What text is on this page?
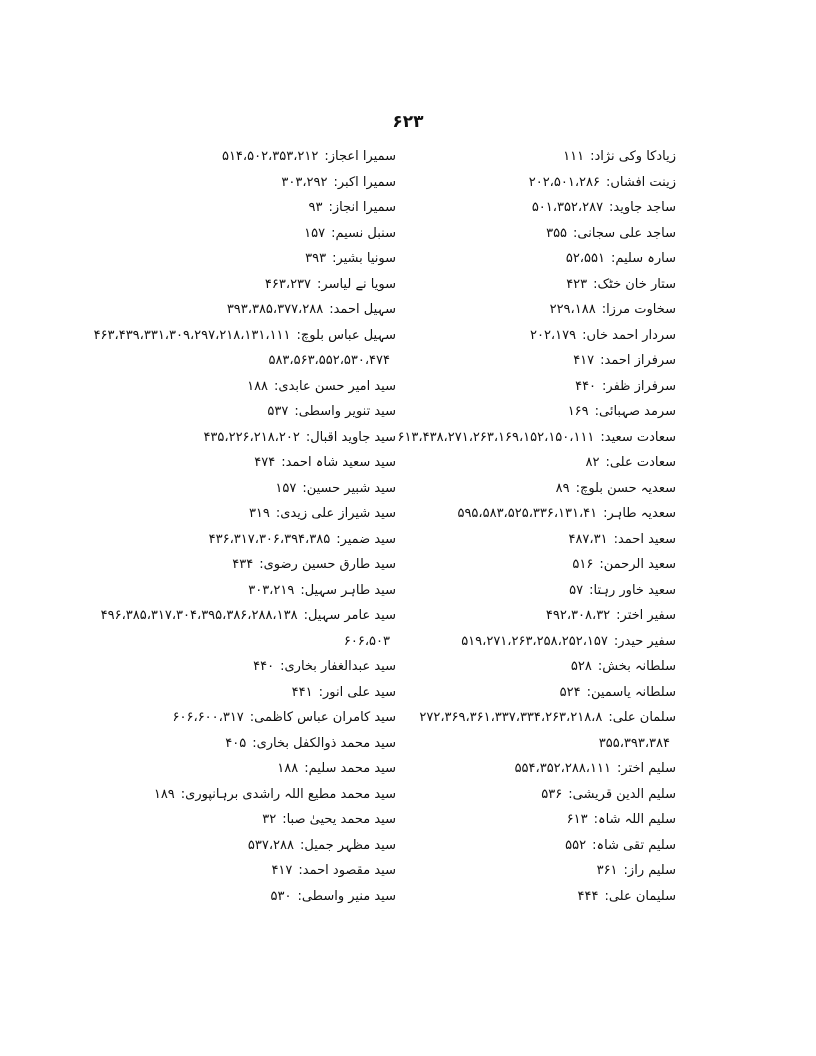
۶۲۳
زیادکا وکی نژاد:۱۱۱
زینت افشاں:۲۰۲،۵۰۱،۲۸۶
ساجد جاوید:۵۰۱،۳۵۲،۲۸۷
ساجد علی سجانی:۳۵۵
سارہ سلیم:۵۲،۵۵۱
ستار خان خٹک:۴۲۳
سخاوت مرزا:۲۲۹،۱۸۸
سردار احمد خاں:۲۰۲،۱۷۹
سرفراز احمد:۴۱۷
سرفراز ظفر:۴۴۰
سرمد صہبائی:۱۶۹
سعادت سعید:۶۱۳،۴۳۸،۲۷۱،۲۶۳،۱۶۹،۱۵۲،۱۵۰،۱۱۱
سعادت علی:۸۲
سعدیہ حسن بلوچ:۸۹
سعدیہ طاہر:۵۹۵،۵۸۳،۵۲۵،۳۳۶،۱۳۱،۴۱
سعید احمد:۴۸۷،۳۱
سعید الرحمن:۵۱۶
سعید خاور رہتا:۵۷
سفیر اختر:۴۹۲،۳۰۸،۳۲
سفیر حیدر:۵۱۹،۲۷۱،۲۶۳،۲۵۸،۲۵۲،۱۵۷
سلطانہ بخش:۵۲۸
سلطانہ یاسمین:۵۲۴
سلمان علی:۲۷۲،۳۶۹،۳۶۱،۳۳۷،۳۳۴،۲۶۳،۲۱۸،۸
۳۵۵،۳۹۳،۳۸۴
سلیم اختر:۵۵۴،۳۵۲،۲۸۸،۱۱۱
سلیم الدین قریشی:۵۳۶
سلیم اللہ شاہ:۶۱۳
سلیم تقی شاہ:۵۵۲
سلیم راز:۳۶۱
سلیمان علی:۴۴۴
سمیرا اعجاز:۵۱۴،۵۰۲،۳۵۳،۲۱۲
سمیرا اکبر:۳۰۳،۲۹۲
سمیرا انجاز:۹۳
سنبل نسیم:۱۵۷
سونیا بشیر:۳۹۳
سویا نے لیاسر:۴۶۳،۲۳۷
سہیل احمد:۳۹۳،۳۸۵،۳۷۷،۲۸۸
سہیل عباس بلوچ:۴۶۳،۴۳۹،۳۳۱،۳۰۹،۲۹۷،۲۱۸،۱۳۱،۱۱۱
۵۸۳،۵۶۳،۵۵۲،۵۳۰،۴۷۴
سید امیر حسن عابدی:۱۸۸
سید تنویر واسطی:۵۳۷
سید جاوید اقبال:۴۳۵،۲۲۶،۲۱۸،۲۰۲
سید سعید شاہ احمد:۴۷۴
سید شبیر حسین:۱۵۷
سید شیراز علی زیدی:۳۱۹
سید ضمیر:۴۳۶،۳۱۷،۳۰۶،۳۹۴،۳۸۵
سید طارق حسین رضوی:۴۳۴
سید طاہر سہیل:۳۰۳،۲۱۹
سید عامر سہیل:۴۹۶،۳۸۵،۳۱۷،۳۰۴،۳۹۵،۳۸۶،۲۸۸،۱۳۸
۶۰۶،۵۰۳
سید عبدالغفار بخاری:۴۴۰
سید علی انور:۴۴۱
سید کامران عباس کاظمی:۶۰۶،۶۰۰،۳۱۷
سید محمد ذوالکفل بخاری:۴۰۵
سید محمد سلیم:۱۸۸
سید محمد مطیع اللہ راشدی برہانپوری:۱۸۹
سید محمد یحییٰ صبا:۳۲
سید مظہر جمیل:۵۳۷،۲۸۸
سید مقصود احمد:۴۱۷
سید منیر واسطی:۵۳۰
